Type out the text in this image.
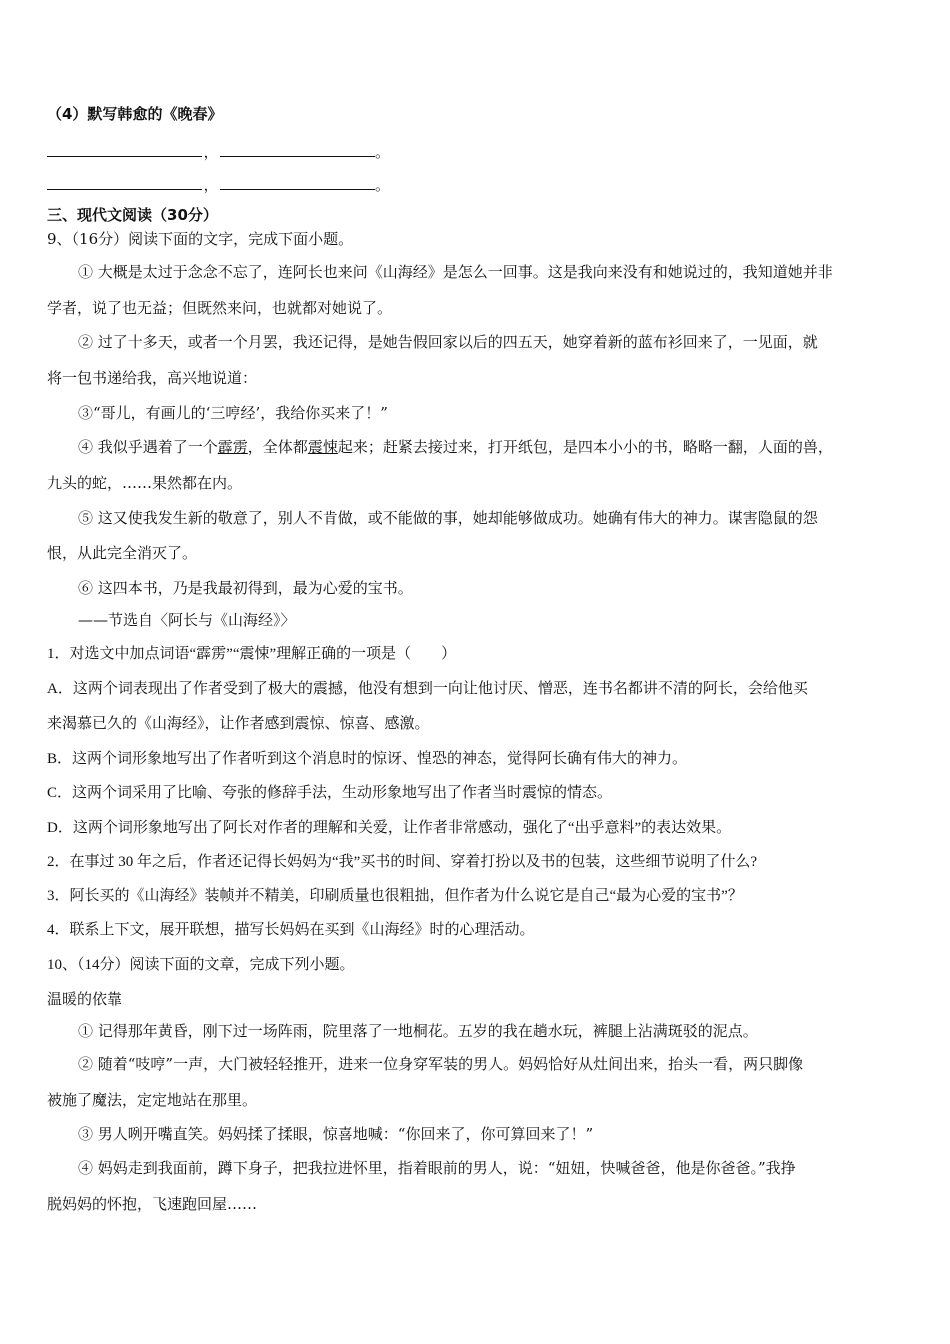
（4）默写韩愈的《晚春》
，	。
，	。
三、现代文阅读（30分）
9、（16分）阅读下面的文字，完成下面小题。
① 大概是太过于念念不忘了，连阿长也来问《山海经》是怎么一回事。这是我向来没有和她说过的，我知道她并非
学者，说了也无益；但既然来问，也就都对她说了。
② 过了十多天，或者一个月罢，我还记得，是她告假回家以后的四五天，她穿着新的蓝布衫回来了，一见面，就
将一包书递给我，高兴地说道：
③“哥儿，有画儿的‘三哼经’，我给你买来了！”
④ 我似乎遇着了一个霹雳，全体都震悚起来；赶紧去接过来，打开纸包，是四本小小的书，略略一翻，人面的兽，
九头的蛇，……果然都在内。
⑤ 这又使我发生新的敬意了，别人不肯做，或不能做的事，她却能够做成功。她确有伟大的神力。谋害隐鼠的怨
恨，从此完全消灭了。
⑥ 这四本书，乃是我最初得到，最为心爱的宝书。
——节选自〈阿长与《山海经》〉
1．对选文中加点词语“霹雳”“震悚”理解正确的一项是（　　）
A．这两个词表现出了作者受到了极大的震撼，他没有想到一向让他讨厌、憎恶，连书名都讲不清的阿长，会给他买
来渴慕已久的《山海经》，让作者感到震惊、惊喜、感激。
B．这两个词形象地写出了作者听到这个消息时的惊讶、惶恐的神态，觉得阿长确有伟大的神力。
C．这两个词采用了比喻、夸张的修辞手法，生动形象地写出了作者当时震惊的情态。
D．这两个词形象地写出了阿长对作者的理解和关爱，让作者非常感动，强化了“出乎意料”的表达效果。
2．在事过 30 年之后，作者还记得长妈妈为“我”买书的时间、穿着打扮以及书的包装，这些细节说明了什么?
3．阿长买的《山海经》装帧并不精美，印刷质量也很粗拙，但作者为什么说它是自己“最为心爱的宝书”？
4．联系上下文，展开联想，描写长妈妈在买到《山海经》时的心理活动。
10、（14分）阅读下面的文章，完成下列小题。
温暖的依靠
① 记得那年黄昏，刚下过一场阵雨，院里落了一地桐花。五岁的我在趟水玩，裤腿上沾满斑驳的泥点。
② 随着“吱哼”一声，大门被轻轻推开，进来一位身穿军装的男人。妈妈恰好从灶间出来，抬头一看，两只脚像
被施了魔法，定定地站在那里。
③ 男人咧开嘴直笑。妈妈揉了揉眼，惊喜地喊：“你回来了，你可算回来了！”
④ 妈妈走到我面前，蹲下身子，把我拉进怀里，指着眼前的男人，说：“妞妞，快喊爸爸，他是你爸爸。”我挣
脱妈妈的怀抱，飞速跑回屋……
